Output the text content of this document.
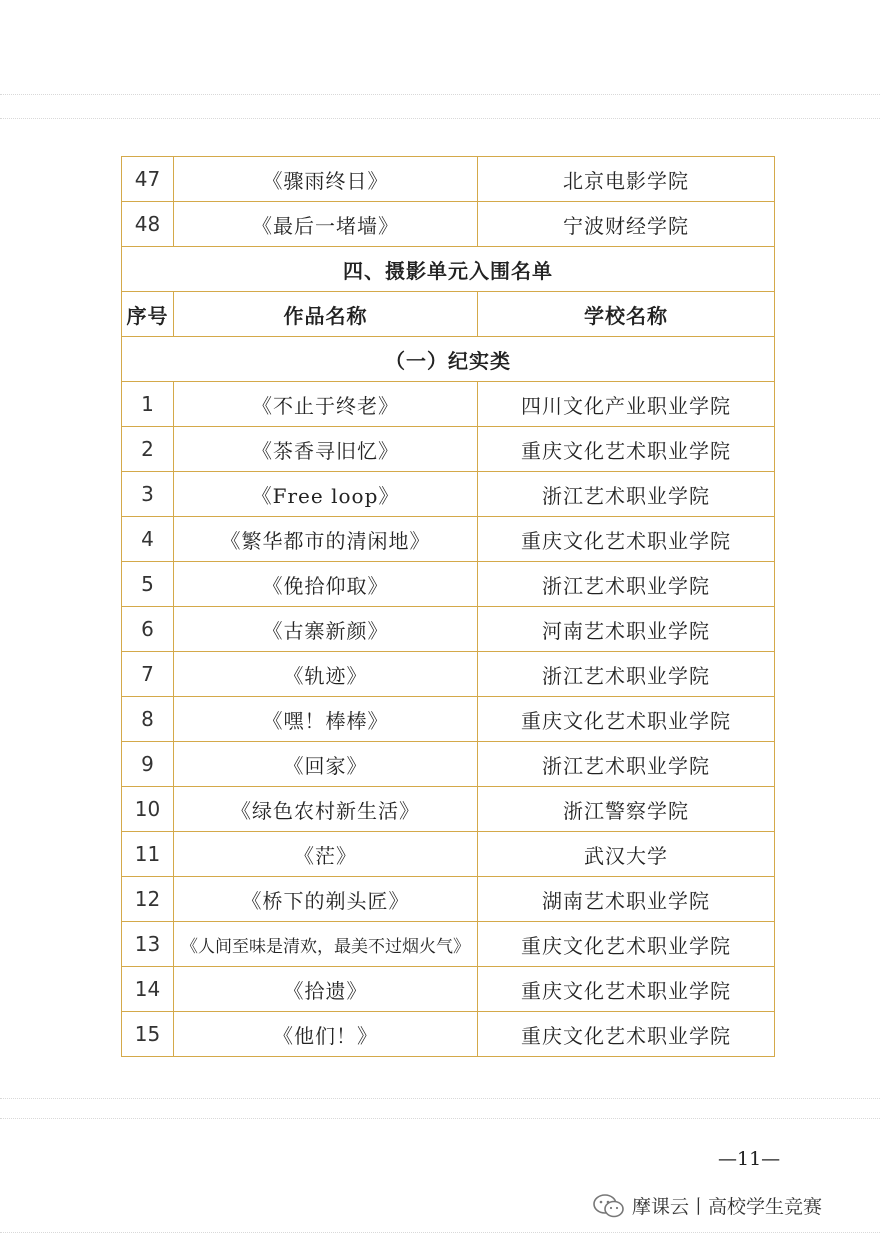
47	《骤雨终日》	北京电影学院
48	《最后一堵墙》	宁波财经学院
四、摄影单元入围名单		
序号	作品名称	学校名称
（一）纪实类		
1	《不止于终老》	四川文化产业职业学院
2	《茶香寻旧忆》	重庆文化艺术职业学院
3	《Free loop》	浙江艺术职业学院
4	《繁华都市的清闲地》	重庆文化艺术职业学院
5	《俛拾仰取》	浙江艺术职业学院
6	《古寨新颜》	河南艺术职业学院
7	《轨迹》	浙江艺术职业学院
8	《嘿！棒棒》	重庆文化艺术职业学院
9	《回家》	浙江艺术职业学院
10	《绿色农村新生活》	浙江警察学院
11	《茫》	武汉大学
12	《桥下的剃头匠》	湖南艺术职业学院
13	《人间至味是清欢，最美不过烟火气》	重庆文化艺术职业学院
14	《拾遗》	重庆文化艺术职业学院
15	《他们！》	重庆文化艺术职业学院
—11—
摩课云丨高校学生竞赛
